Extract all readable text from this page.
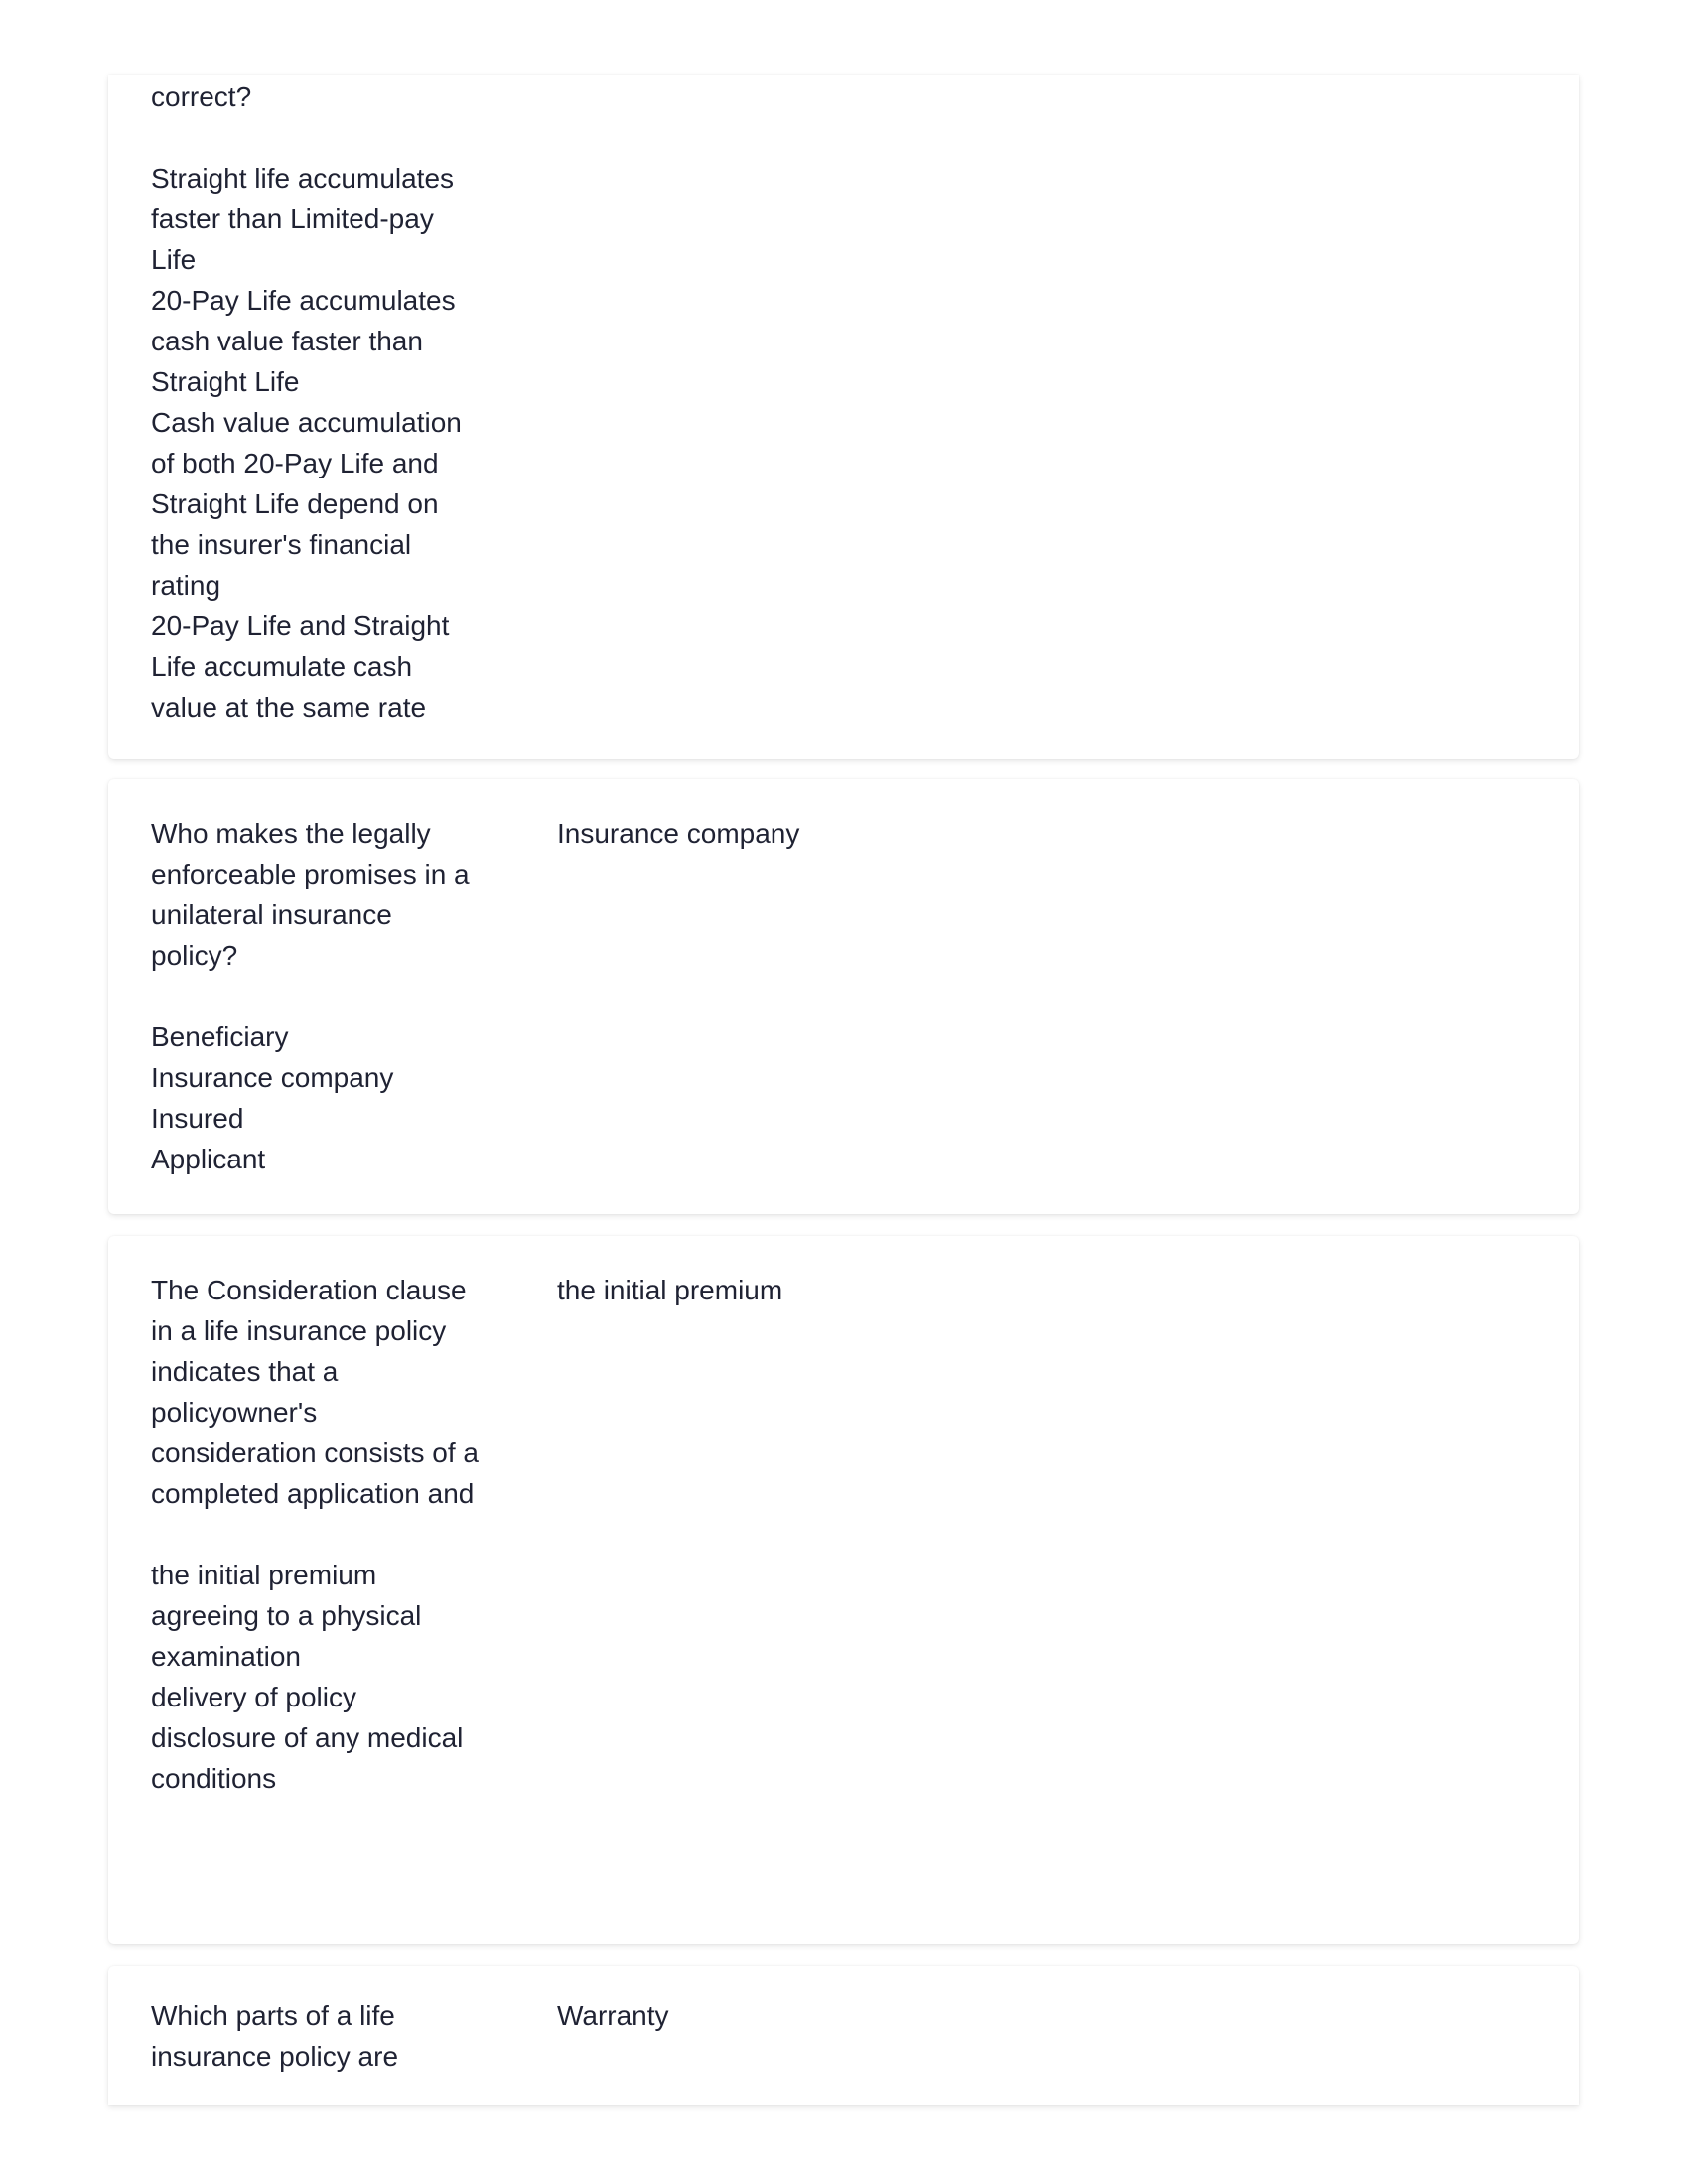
correct?
Straight life accumulates faster than Limited-pay Life
20-Pay Life accumulates cash value faster than Straight Life
Cash value accumulation of both 20-Pay Life and Straight Life depend on the insurer's financial rating
20-Pay Life and Straight Life accumulate cash value at the same rate
Who makes the legally enforceable promises in a unilateral insurance policy?
Beneficiary
Insurance company
Insured
Applicant
Insurance company
The Consideration clause in a life insurance policy indicates that a policyowner's consideration consists of a completed application and
the initial premium
agreeing to a physical examination
delivery of policy
disclosure of any medical conditions
the initial premium
Which parts of a life insurance policy are
Warranty
